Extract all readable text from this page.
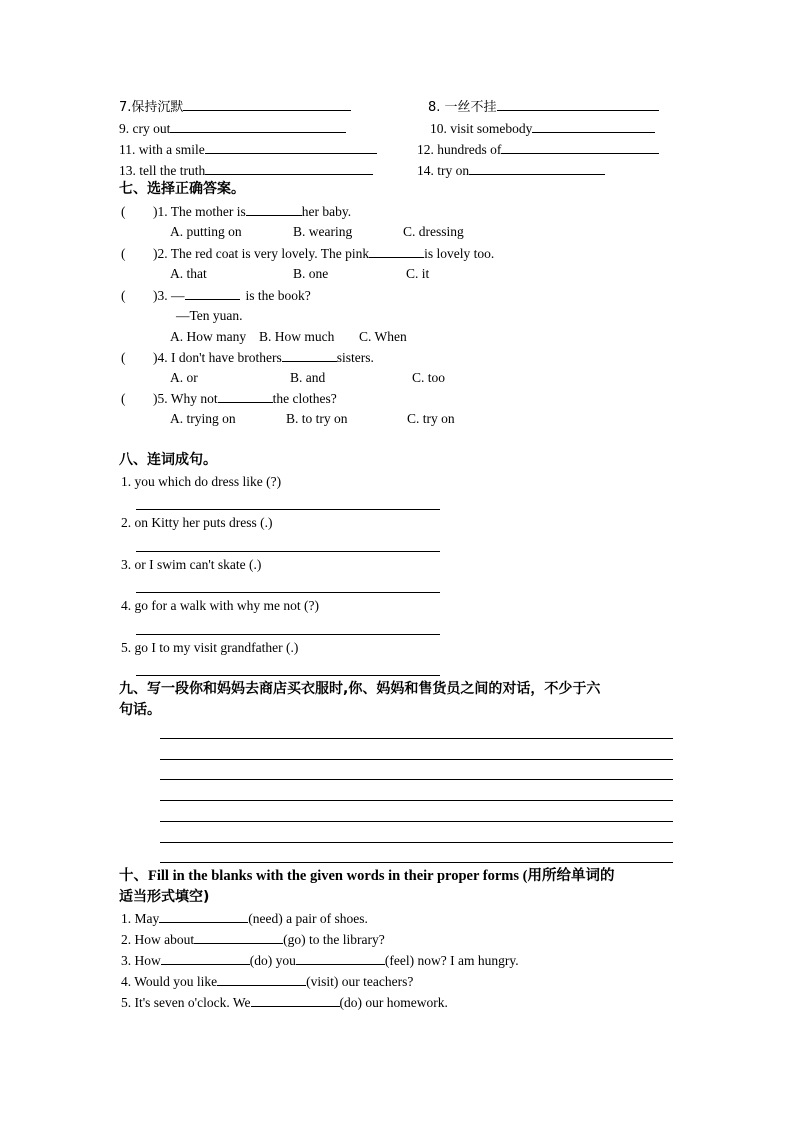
7.保持沉默	8. 一丝不挂
9. cry out	10. visit somebody
11. with a smile	12. hundreds of
13. tell the truth	14. try on
七、选择正确答案。
( )1. The mother is	her baby.
A. putting on	B. wearing	C. dressing
( )2. The red coat is very lovely. The pink	is lovely too.
A. that	B. one	C. it
( )3. —	is the book?
—Ten yuan.
A. How many B. How much C. When
( )4. I don't have brothers	sisters.
A. or	B. and	C. too
( )5. Why not	the clothes?
A. trying on	B. to try on	C. try on
八、连词成句。
1. you which do dress like (?)
2. on Kitty her puts dress (.)
3. or I swim can't skate (.)
4. go for a walk with why me not (?)
5. go I to my visit grandfather (.)
九、写一段你和妈妈去商店买衣服时,你、妈妈和售货员之间的对话，不少于六
句话。
十、Fill in the blanks with the given words in their proper forms (用所给单词的
适当形式填空)
1. May	(need) a pair of shoes.
2. How about	(go) to the library?
3. How	(do) you	(feel) now? I am hungry.
4. Would you like	(visit) our teachers?
5. It's seven o'clock. We	(do) our homework.
